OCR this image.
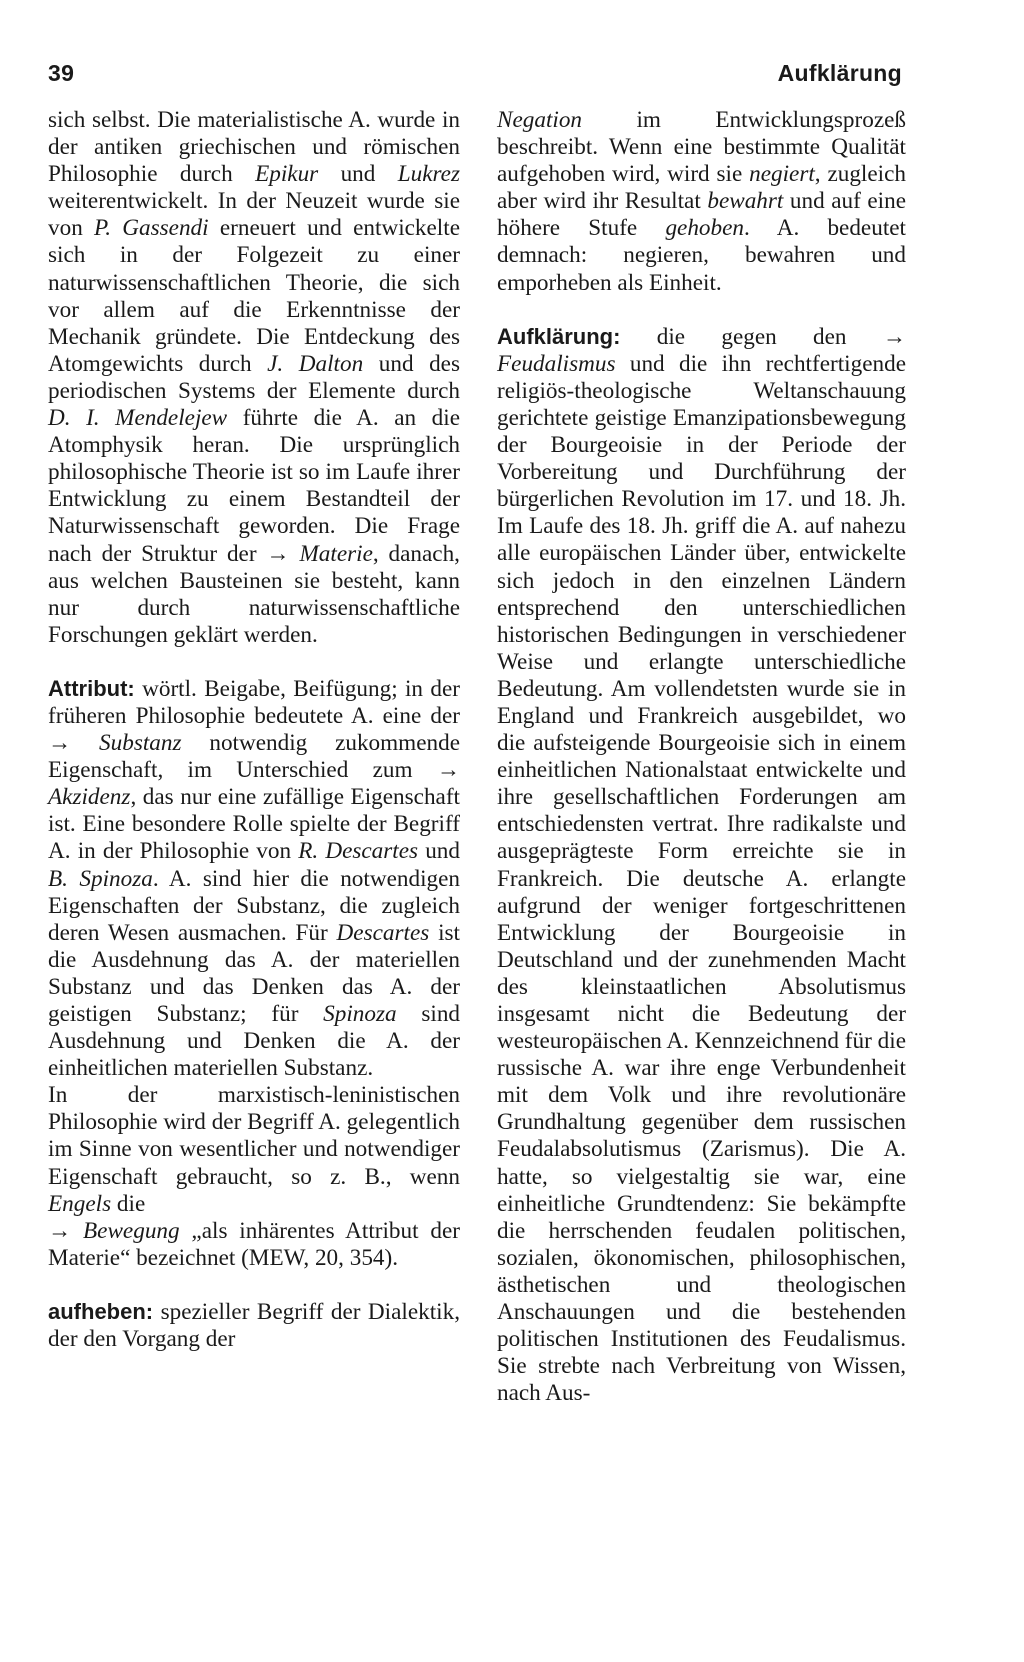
39	Aufklärung

sich selbst. Die materialistische A. wurde in der antiken griechischen und römischen Philosophie durch Epikur und Lukrez weiterentwickelt. In der Neuzeit wurde sie von P. Gassendi erneuert und entwickelte sich in der Folgezeit zu einer naturwissenschaftlichen Theorie, die sich vor allem auf die Erkenntnisse der Mechanik gründete. Die Entdeckung des Atomgewichts durch J. Dalton und des periodischen Systems der Elemente durch D. I. Mendelejew führte die A. an die Atomphysik heran. Die ursprünglich philosophische Theorie ist so im Laufe ihrer Entwicklung zu einem Bestandteil der Naturwissenschaft geworden. Die Frage nach der Struktur der → Materie, danach, aus welchen Bausteinen sie besteht, kann nur durch naturwissenschaftliche Forschungen geklärt werden.

Attribut: wörtl. Beigabe, Beifügung; in der früheren Philosophie bedeutete A. eine der → Substanz notwendig zukommende Eigenschaft, im Unterschied zum → Akzidenz, das nur eine zufällige Eigenschaft ist. Eine besondere Rolle spielte der Begriff A. in der Philosophie von R. Descartes und B. Spinoza. A. sind hier die notwendigen Eigenschaften der Substanz, die zugleich deren Wesen ausmachen. Für Descartes ist die Ausdehnung das A. der materiellen Substanz und das Denken das A. der geistigen Substanz; für Spinoza sind Ausdehnung und Denken die A. der einheitlichen materiellen Substanz.

In der marxistisch-leninistischen Philosophie wird der Begriff A. gelegentlich im Sinne von wesentlicher und notwendiger Eigenschaft gebraucht, so z. B., wenn Engels die
→ Bewegung „als inhärentes Attribut der Materie“ bezeichnet (MEW, 20, 354).

aufheben: spezieller Begriff der Dialektik, der den Vorgang der

Negation im Entwicklungsprozeß beschreibt. Wenn eine bestimmte Qualität aufgehoben wird, wird sie negiert, zugleich aber wird ihr Resultat bewahrt und auf eine höhere Stufe gehoben. A. bedeutet demnach: negieren, bewahren und emporheben als Einheit.

Aufklärung: die gegen den → Feudalismus und die ihn rechtfertigende religiös-theologische Weltanschauung gerichtete geistige Emanzipationsbewegung der Bourgeoisie in der Periode der Vorbereitung und Durchführung der bürgerlichen Revolution im 17. und 18. Jh. Im Laufe des 18. Jh. griff die A. auf nahezu alle europäischen Länder über, entwickelte sich jedoch in den einzelnen Ländern entsprechend den unterschiedlichen historischen Bedingungen in verschiedener Weise und erlangte unterschiedliche Bedeutung. Am vollendetsten wurde sie in England und Frankreich ausgebildet, wo die aufsteigende Bourgeoisie sich in einem einheitlichen Nationalstaat entwickelte und ihre gesellschaftlichen Forderungen am entschiedensten vertrat. Ihre radikalste und ausgeprägteste Form erreichte sie in Frankreich. Die deutsche A. erlangte aufgrund der weniger fortgeschrittenen Entwicklung der Bourgeoisie in Deutschland und der zunehmenden Macht des kleinstaatlichen Absolutismus insgesamt nicht die Bedeutung der westeuropäischen A. Kennzeichnend für die russische A. war ihre enge Verbundenheit mit dem Volk und ihre revolutionäre Grundhaltung gegenüber dem russischen Feudalabsolutismus (Zarismus). Die A. hatte, so vielgestaltig sie war, eine einheitliche Grundtendenz: Sie bekämpfte die herrschenden feudalen politischen, sozialen, ökonomischen, philosophischen, ästhetischen und theologischen Anschauungen und die bestehenden politischen Institutionen des Feudalismus. Sie strebte nach Verbreitung von Wissen, nach Aus-
